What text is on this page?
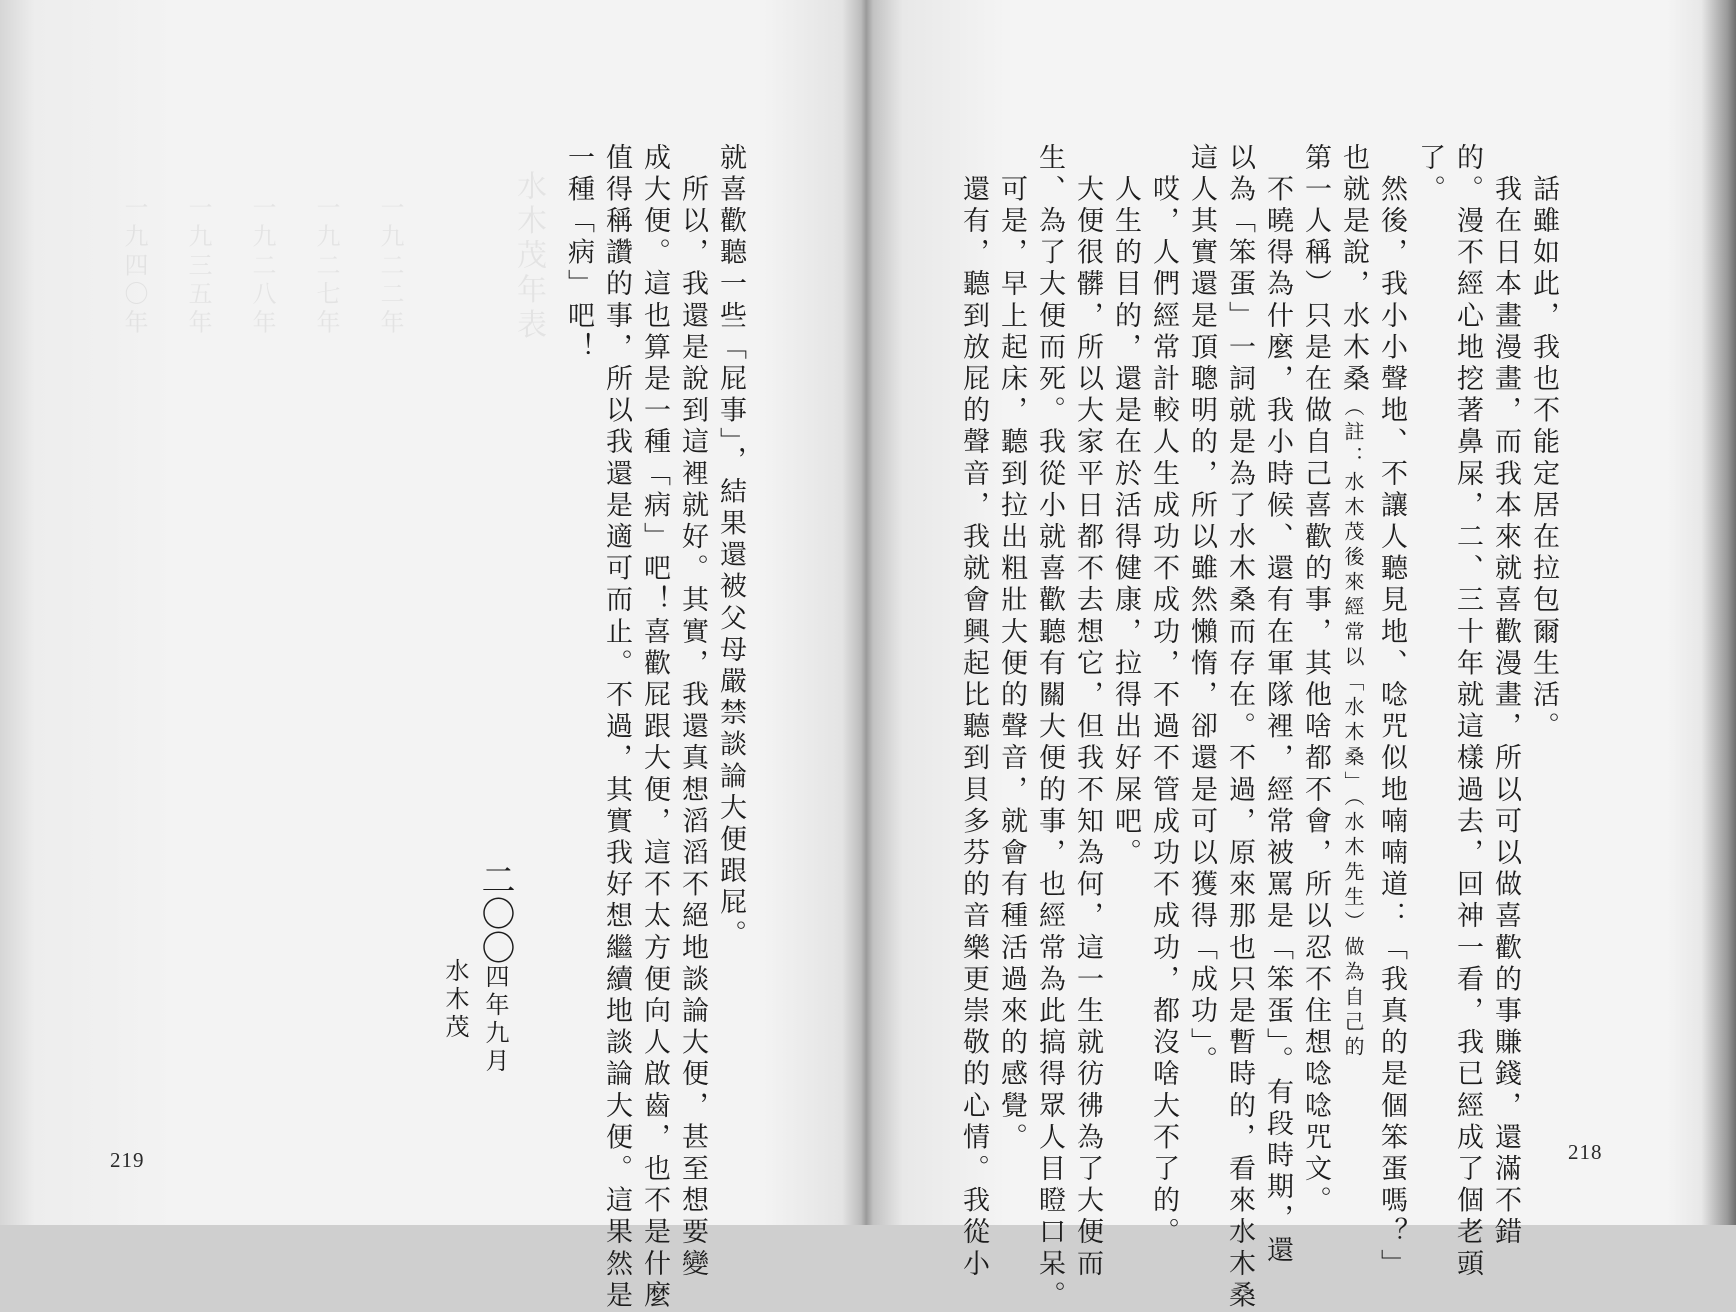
水木茂年表
一九二二年
一九二七年
一九二八年
一九三五年
一九四〇年	就喜歡聽一些「屁事」，結果還被父母嚴禁談論大便跟屁。
　所以，我還是說到這裡就好。其實，我還真想滔滔不絕地談論大便，甚至想要變
成大便。這也算是一種「病」吧！喜歡屁跟大便，這不太方便向人啟齒，也不是什麼
值得稱讚的事，所以我還是適可而止。不過，其實我好想繼續地談論大便。這果然是
一種「病」吧！
二〇〇四年九月
水木茂
219
　話雖如此，我也不能定居在拉包爾生活。
　我在日本畫漫畫，而我本來就喜歡漫畫，所以可以做喜歡的事賺錢，還滿不錯
的。漫不經心地挖著鼻屎，二、三十年就這樣過去，回神一看，我已經成了個老頭
了。
　然後，我小小聲地、不讓人聽見地、唸咒似地喃喃道：「我真的是個笨蛋嗎？」
也就是說，水木桑（註：水木茂後來經常以「水木桑」（水木先生）做為自己的
第一人稱）只是在做自己喜歡的事，其他啥都不會，所以忍不住想唸唸咒文。
　不曉得為什麼，我小時候、還有在軍隊裡，經常被罵是「笨蛋」。有段時期，還
以為「笨蛋」一詞就是為了水木桑而存在。不過，原來那也只是暫時的，看來水木桑
這人其實還是頂聰明的，所以雖然懶惰，卻還是可以獲得「成功」。
　哎，人們經常計較人生成功不成功，不過不管成功不成功，都沒啥大不了的。
　人生的目的，還是在於活得健康，拉得出好屎吧。
　大便很髒，所以大家平日都不去想它，但我不知為何，這一生就彷彿為了大便而
生、為了大便而死。我從小就喜歡聽有關大便的事，也經常為此搞得眾人目瞪口呆。
　可是，早上起床，聽到拉出粗壯大便的聲音，就會有種活過來的感覺。
　還有，聽到放屁的聲音，我就會興起比聽到貝多芬的音樂更崇敬的心情。我從小	218
